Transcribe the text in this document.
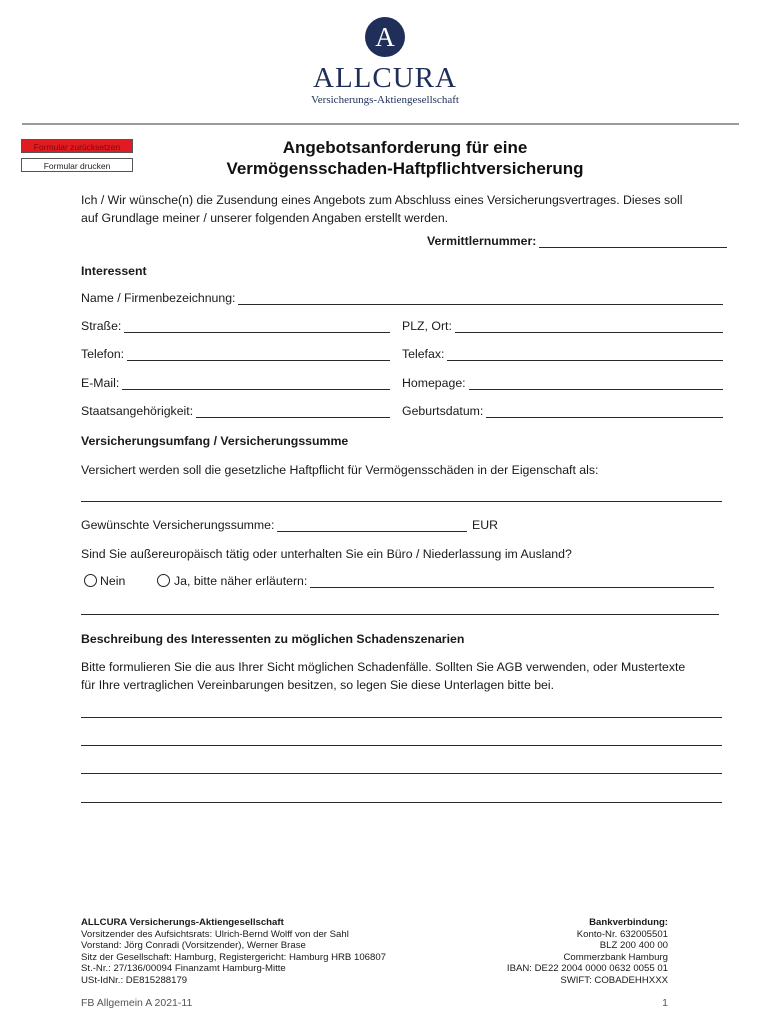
A
ALLCURA
Versicherungs-Aktiengesellschaft
Formular zurücksetzen
Formular drucken
Angebotsanforderung für eine
Vermögensschaden-Haftpflichtversicherung
Ich / Wir wünsche(n) die Zusendung eines Angebots zum Abschluss eines Versicherungsvertrages. Dieses soll
auf Grundlage meiner / unserer folgenden Angaben erstellt werden.
Vermittlernummer:
Interessent
Name / Firmenbezeichnung:
Straße:	PLZ, Ort:
Telefon:	Telefax:
E-Mail:	Homepage:
Staatsangehörigkeit:	Geburtsdatum:
Versicherungsumfang / Versicherungssumme
Versichert werden soll die gesetzliche Haftpflicht für Vermögensschäden in der Eigenschaft als:
Gewünschte Versicherungssumme:	EUR
Sind Sie außereuropäisch tätig oder unterhalten Sie ein Büro / Niederlassung im Ausland?
Nein	Ja, bitte näher erläutern:
Beschreibung des Interessenten zu möglichen Schadenszenarien
Bitte formulieren Sie die aus Ihrer Sicht möglichen Schadenfälle. Sollten Sie AGB verwenden, oder Mustertexte
für Ihre vertraglichen Vereinbarungen besitzen, so legen Sie diese Unterlagen bitte bei.
ALLCURA Versicherungs-Aktiengesellschaft
Vorsitzender des Aufsichtsrats: Ulrich-Bernd Wolff von der Sahl
Vorstand: Jörg Conradi (Vorsitzender), Werner Brase
Sitz der Gesellschaft: Hamburg, Registergericht: Hamburg HRB 106807
St.-Nr.: 27/136/00094 Finanzamt Hamburg-Mitte
USt-IdNr.: DE815288179
Bankverbindung:
Konto-Nr. 632005501
BLZ 200 400 00
Commerzbank Hamburg
IBAN: DE22 2004 0000 0632 0055 01
SWIFT: COBADEHHXXX
FB Allgemein A 2021-11	1
